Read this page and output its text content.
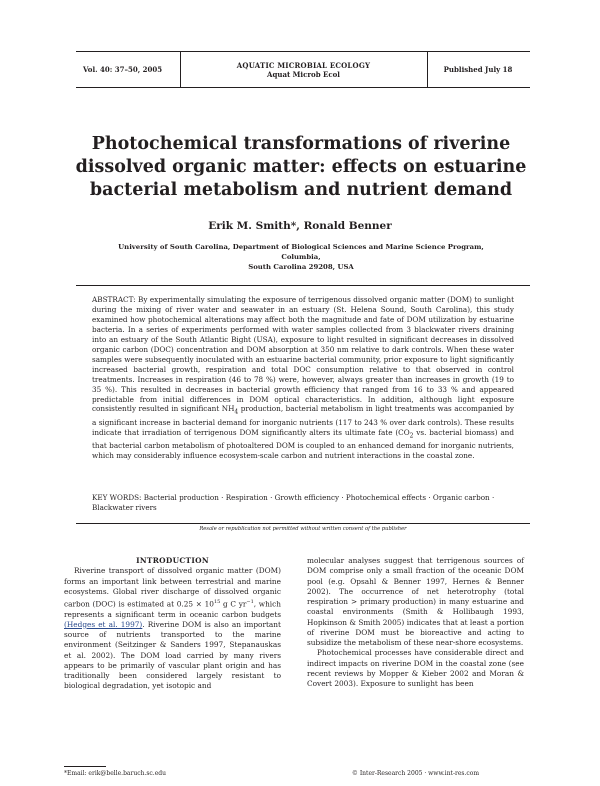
Vol. 40: 37–50, 2005	AQUATIC MICROBIAL ECOLOGY
Aquat Microb Ecol	Published July 18
Photochemical transformations of riverine
dissolved organic matter: effects on estuarine
bacterial metabolism and nutrient demand
Erik M. Smith*, Ronald Benner
University of South Carolina, Department of Biological Sciences and Marine Science Program, Columbia,
South Carolina 29208, USA

ABSTRACT: By experimentally simulating the exposure of terrigenous dissolved organic matter (DOM) to sunlight during the mixing of river water and seawater in an estuary (St. Helena Sound, South Carolina), this study examined how photochemical alterations may affect both the magnitude and fate of DOM utilization by estuarine bacteria. In a series of experiments performed with water samples collected from 3 blackwater rivers draining into an estuary of the South Atlantic Bight (USA), exposure to light resulted in significant decreases in dissolved organic carbon (DOC) concentration and DOM absorption at 350 nm relative to dark controls. When these water samples were subsequently inoculated with an estuarine bacterial community, prior exposure to light significantly increased bacterial growth, respiration and total DOC consumption relative to that observed in control treatments. Increases in respiration (46 to 78 %) were, however, always greater than increases in growth (19 to 35 %). This resulted in decreases in bacterial growth efficiency that ranged from 16 to 33 % and appeared predictable from initial differences in DOM optical characteristics. In addition, although light exposure consistently resulted in significant $NH_4$ production, bacterial metabolism in light treatments was accompanied by a significant increase in bacterial demand for inorganic nutrients (117 to 243 % over dark controls). These results indicate that irradiation of terrigenous DOM significantly alters its ultimate fate ($CO_2$ vs. bacterial biomass) and that bacterial carbon metabolism of photoaltered DOM is coupled to an enhanced demand for inorganic nutrients, which may considerably influence ecosystem-scale carbon and nutrient interactions in the coastal zone.

KEY WORDS: Bacterial production · Respiration · Growth efficiency · Photochemical effects · Organic carbon · Blackwater rivers

Resale or republication not permitted without written consent of the publisher

INTRODUCTION

Riverine transport of dissolved organic matter (DOM) forms an important link between terrestrial and marine ecosystems. Global river discharge of dissolved organic carbon (DOC) is estimated at $0.25 \times 10^{15}$ g C $yr^{-1}$, which represents a significant term in oceanic carbon budgets (Hedges et al. 1997). Riverine DOM is also an important source of nutrients transported to the marine environment (Seitzinger & Sanders 1997, Stepanauskas et al. 2002). The DOM load carried by many rivers appears to be primarily of vascular plant origin and has traditionally been considered largely resistant to biological degradation, yet isotopic and

molecular analyses suggest that terrigenous sources of DOM comprise only a small fraction of the oceanic DOM pool (e.g. Opsahl & Benner 1997, Hernes & Benner 2002). The occurrence of net heterotrophy (total respiration > primary production) in many estuarine and coastal environments (Smith & Hollibaugh 1993, Hopkinson & Smith 2005) indicates that at least a portion of riverine DOM must be bioreactive and acting to subsidize the metabolism of these near-shore ecosystems.

Photochemical processes have considerable direct and indirect impacts on riverine DOM in the coastal zone (see recent reviews by Mopper & Kieber 2002 and Moran & Covert 2003). Exposure to sunlight has been

*Email: erik@belle.baruch.sc.edu	© Inter-Research 2005 · www.int-res.com
